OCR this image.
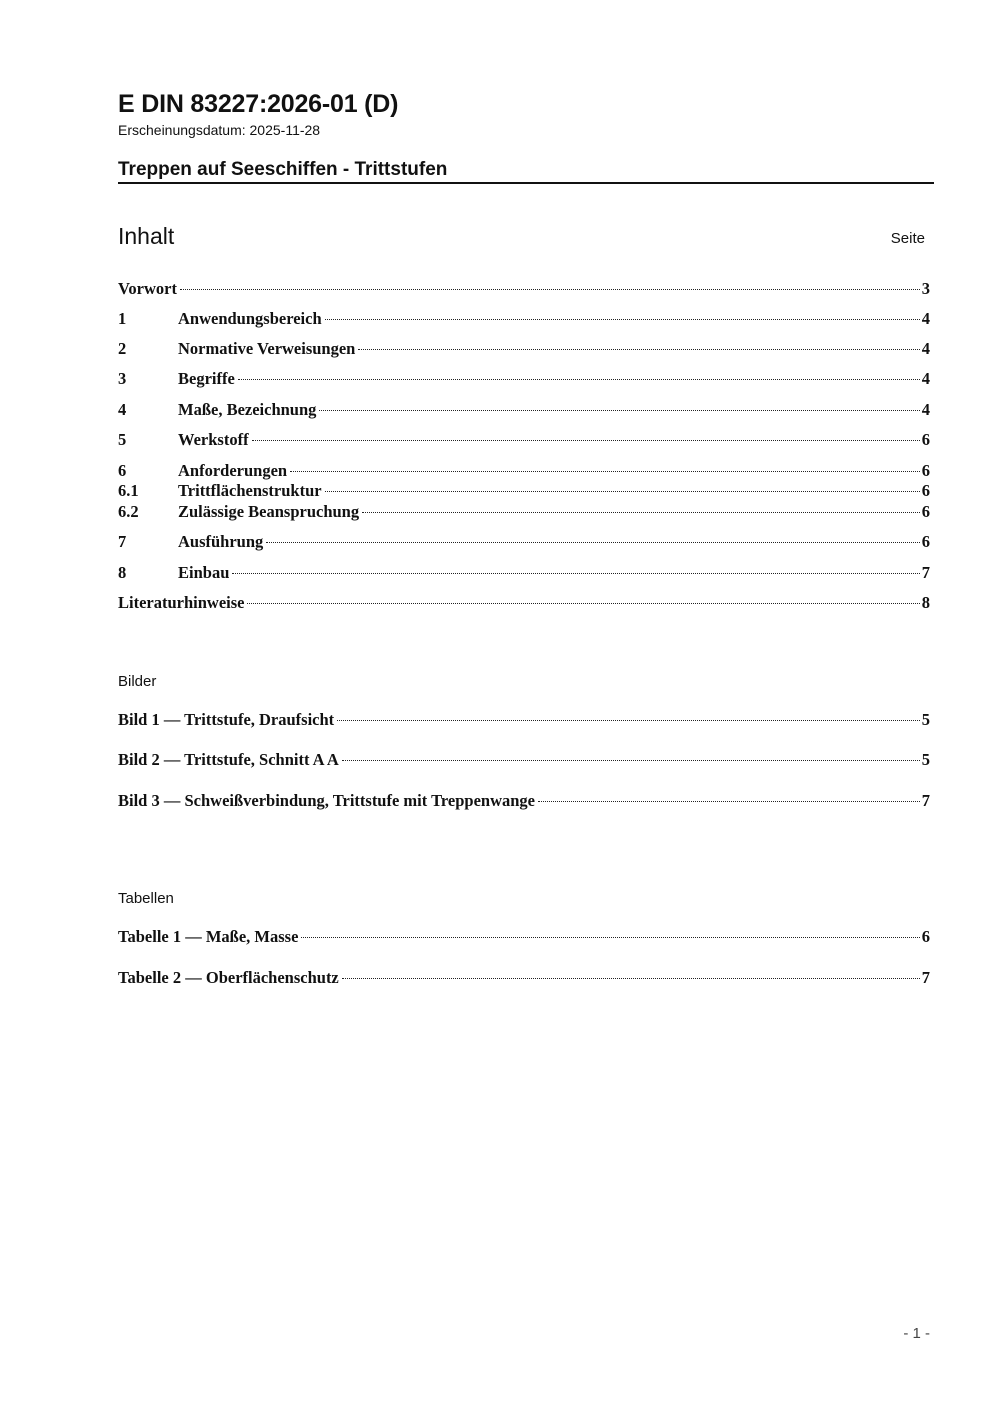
E DIN 83227:2026-01 (D)
Erscheinungsdatum: 2025-11-28
Treppen auf Seeschiffen - Trittstufen
Inhalt	Seite
Vorwort	3
1	Anwendungsbereich	4
2	Normative Verweisungen	4
3	Begriffe	4
4	Maße, Bezeichnung	4
5	Werkstoff	6
6	Anforderungen	6
6.1	Trittflächenstruktur	6
6.2	Zulässige Beanspruchung	6
7	Ausführung	6
8	Einbau	7
Literaturhinweise	8
Bilder
Bild 1 — Trittstufe, Draufsicht	5
Bild 2 — Trittstufe, Schnitt A A	5
Bild 3 — Schweißverbindung, Trittstufe mit Treppenwange	7
Tabellen
Tabelle 1 — Maße, Masse	6
Tabelle 2 — Oberflächenschutz	7
- 1 -
